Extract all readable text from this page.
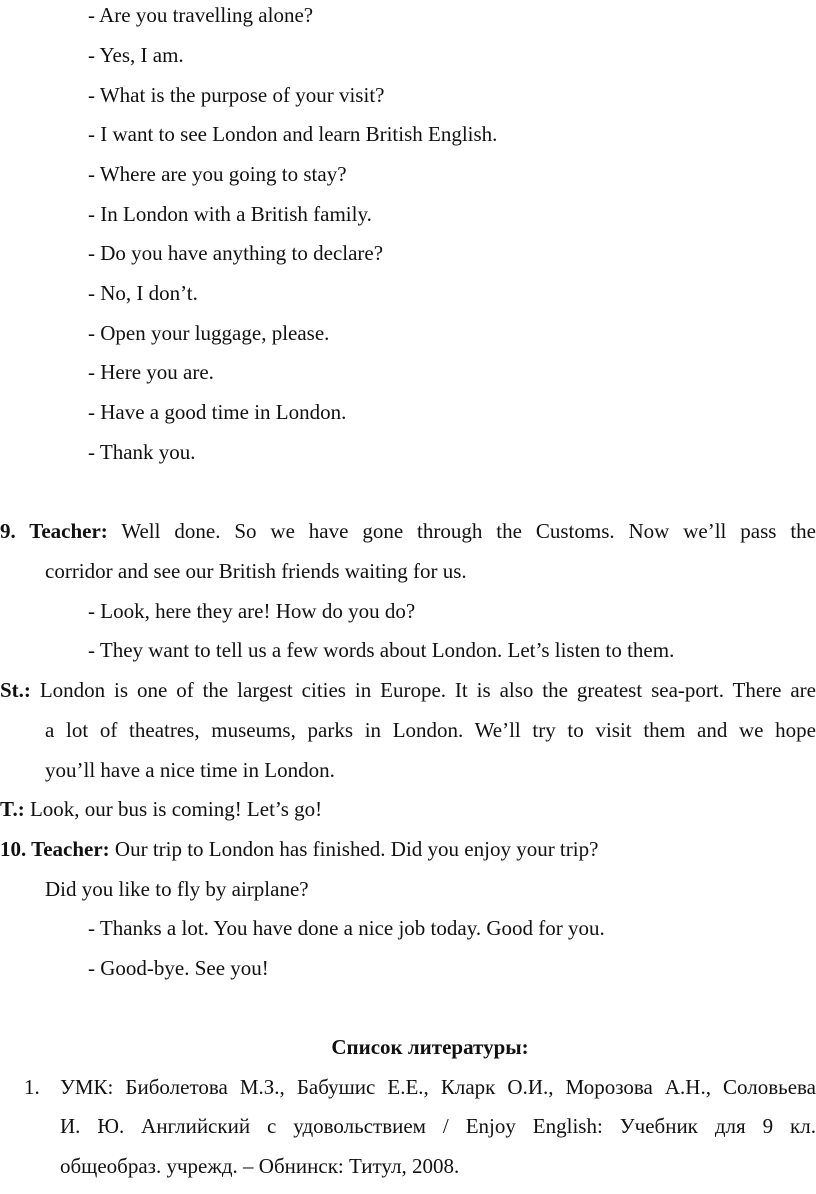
- Are you travelling alone?
- Yes, I am.
- What is the purpose of your visit?
- I want to see London and learn British English.
- Where are you going to stay?
- In London with a British family.
- Do you have anything to declare?
- No, I don’t.
- Open your luggage, please.
- Here you are.
- Have a good time in London.
- Thank you.
9. Teacher: Well done. So we have gone through the Customs. Now we’ll pass the
corridor and see our British friends waiting for us.
- Look, here they are! How do you do?
- They want to tell us a few words about London. Let’s listen to them.
St.: London is one of the largest cities in Europe. It is also the greatest sea-port. There are
a lot of theatres, museums, parks in London. We’ll try to visit them and we hope
you’ll have a nice time in London.
T.: Look, our bus is coming! Let’s go!
10. Teacher: Our trip to London has finished. Did you enjoy your trip?
Did you like to fly by airplane?
- Thanks a lot. You have done a nice job today. Good for you.
- Good-bye. See you!
Список литературы:
1. УМК: Биболетова М.З., Бабушис Е.Е., Кларк О.И., Морозова А.Н., Соловьева
И. Ю. Английский с удовольствием / Enjoy English: Учебник для 9 кл.
общеобраз. учрежд. – Обнинск: Титул, 2008.
